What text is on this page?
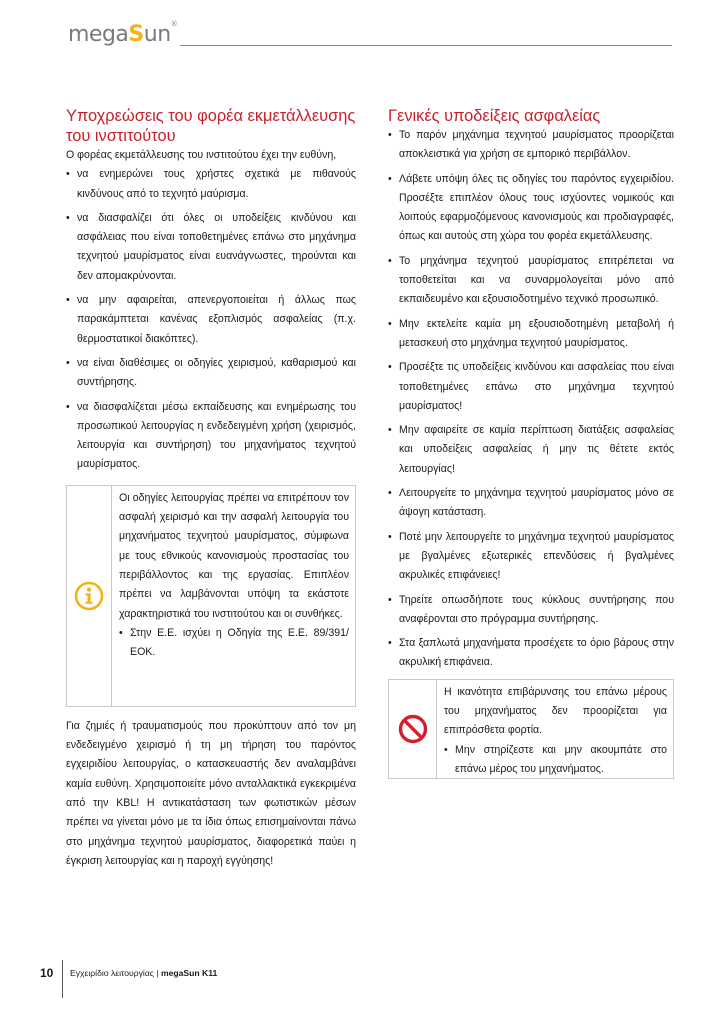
megaSun®
Υποχρεώσεις του φορέα εκμετάλλευσης του ινστιτούτου

Ο φορέας εκμετάλλευσης του ινστιτούτου έχει την ευθύνη,

• να ενημερώνει τους χρήστες σχετικά με πιθανούς κινδύνους από το τεχνητό μαύρισμα.
• να διασφαλίζει ότι όλες οι υποδείξεις κινδύνου και ασφάλειας που είναι τοποθετημένες επάνω στο μηχάνημα τεχνητού μαυρίσματος είναι ευανάγνωστες, τηρούνται και δεν απομακρύνονται.
• να μην αφαιρείται, απενεργοποιείται ή άλλως πως παρακάμπτεται κανένας εξοπλισμός ασφαλείας (π.χ. θερμοστατικοί διακόπτες).
• να είναι διαθέσιμες οι οδηγίες χειρισμού, καθαρισμού και συντήρησης.
• να διασφαλίζεται μέσω εκπαίδευσης και ενημέρωσης του προσωπικού λειτουργίας η ενδεδειγμένη χρήση (χειρισμός, λειτουργία και συντήρηση) του μηχανήματος τεχνητού μαυρίσματος.

Οι οδηγίες λειτουργίας πρέπει να επιτρέπουν τον ασφαλή χειρισμό και την ασφαλή λειτουργία του μηχανήματος τεχνητού μαυρίσματος, σύμφωνα με τους εθνικούς κανονισμούς προστασίας του περιβάλλοντος και της εργασίας. Επιπλέον πρέπει να λαμβάνονται υπόψη τα εκάστοτε χαρακτηριστικά του ινστιτούτου και οι συνθήκες.

• Στην Ε.Ε. ισχύει η Οδηγία της Ε.Ε. 89/391/ΕΟΚ.

Για ζημιές ή τραυματισμούς που προκύπτουν από τον μη ενδεδειγμένο χειρισμό ή τη μη τήρηση του παρόντος εγχειριδίου λειτουργίας, ο κατασκευαστής δεν αναλαμβάνει καμία ευθύνη. Χρησιμοποιείτε μόνο ανταλλακτικά εγκεκριμένα από την KBL! Η αντικατάσταση των φωτιστικών μέσων πρέπει να γίνεται μόνο με τα ίδια όπως επισημαίνονται πάνω στο μηχάνημα τεχνητού μαυρίσματος, διαφορετικά παύει η έγκριση λειτουργίας και η παροχή εγγύησης!

Γενικές υποδείξεις ασφαλείας
• Το παρόν μηχάνημα τεχνητού μαυρίσματος προορίζεται αποκλειστικά για χρήση σε εμπορικό περιβάλλον.
• Λάβετε υπόψη όλες τις οδηγίες του παρόντος εγχειριδίου. Προσέξτε επιπλέον όλους τους ισχύοντες νομικούς και λοιπούς εφαρμοζόμενους κανονισμούς και προδιαγραφές, όπως και αυτούς στη χώρα του φορέα εκμετάλλευσης.
• Το μηχάνημα τεχνητού μαυρίσματος επιτρέπεται να τοποθετείται και να συναρμολογείται μόνο από εκπαιδευμένο και εξουσιοδοτημένο τεχνικό προσωπικό.
• Μην εκτελείτε καμία μη εξουσιοδοτημένη μεταβολή ή μετασκευή στο μηχάνημα τεχνητού μαυρίσματος.
• Προσέξτε τις υποδείξεις κινδύνου και ασφαλείας που είναι τοποθετημένες επάνω στο μηχάνημα τεχνητού μαυρίσματος!
• Μην αφαιρείτε σε καμία περίπτωση διατάξεις ασφαλείας και υποδείξεις ασφαλείας ή μην τις θέτετε εκτός λειτουργίας!
• Λειτουργείτε το μηχάνημα τεχνητού μαυρίσματος μόνο σε άψογη κατάσταση.
• Ποτέ μην λειτουργείτε το μηχάνημα τεχνητού μαυρίσματος με βγαλμένες εξωτερικές επενδύσεις ή βγαλμένες ακρυλικές επιφάνειες!
• Τηρείτε οπωσδήποτε τους κύκλους συντήρησης που αναφέρονται στο πρόγραμμα συντήρησης.
• Στα ξαπλωτά μηχανήματα προσέχετε το όριο βάρους στην ακρυλική επιφάνεια.

Η ικανότητα επιβάρυνσης του επάνω μέρους του μηχανήματος δεν προορίζεται για επιπρόσθετα φορτία.

• Μην στηρίζεστε και μην ακουμπάτε στο επάνω μέρος του μηχανήματος.
10 Εγχειρίδιο λειτουργίας | megaSun K11
